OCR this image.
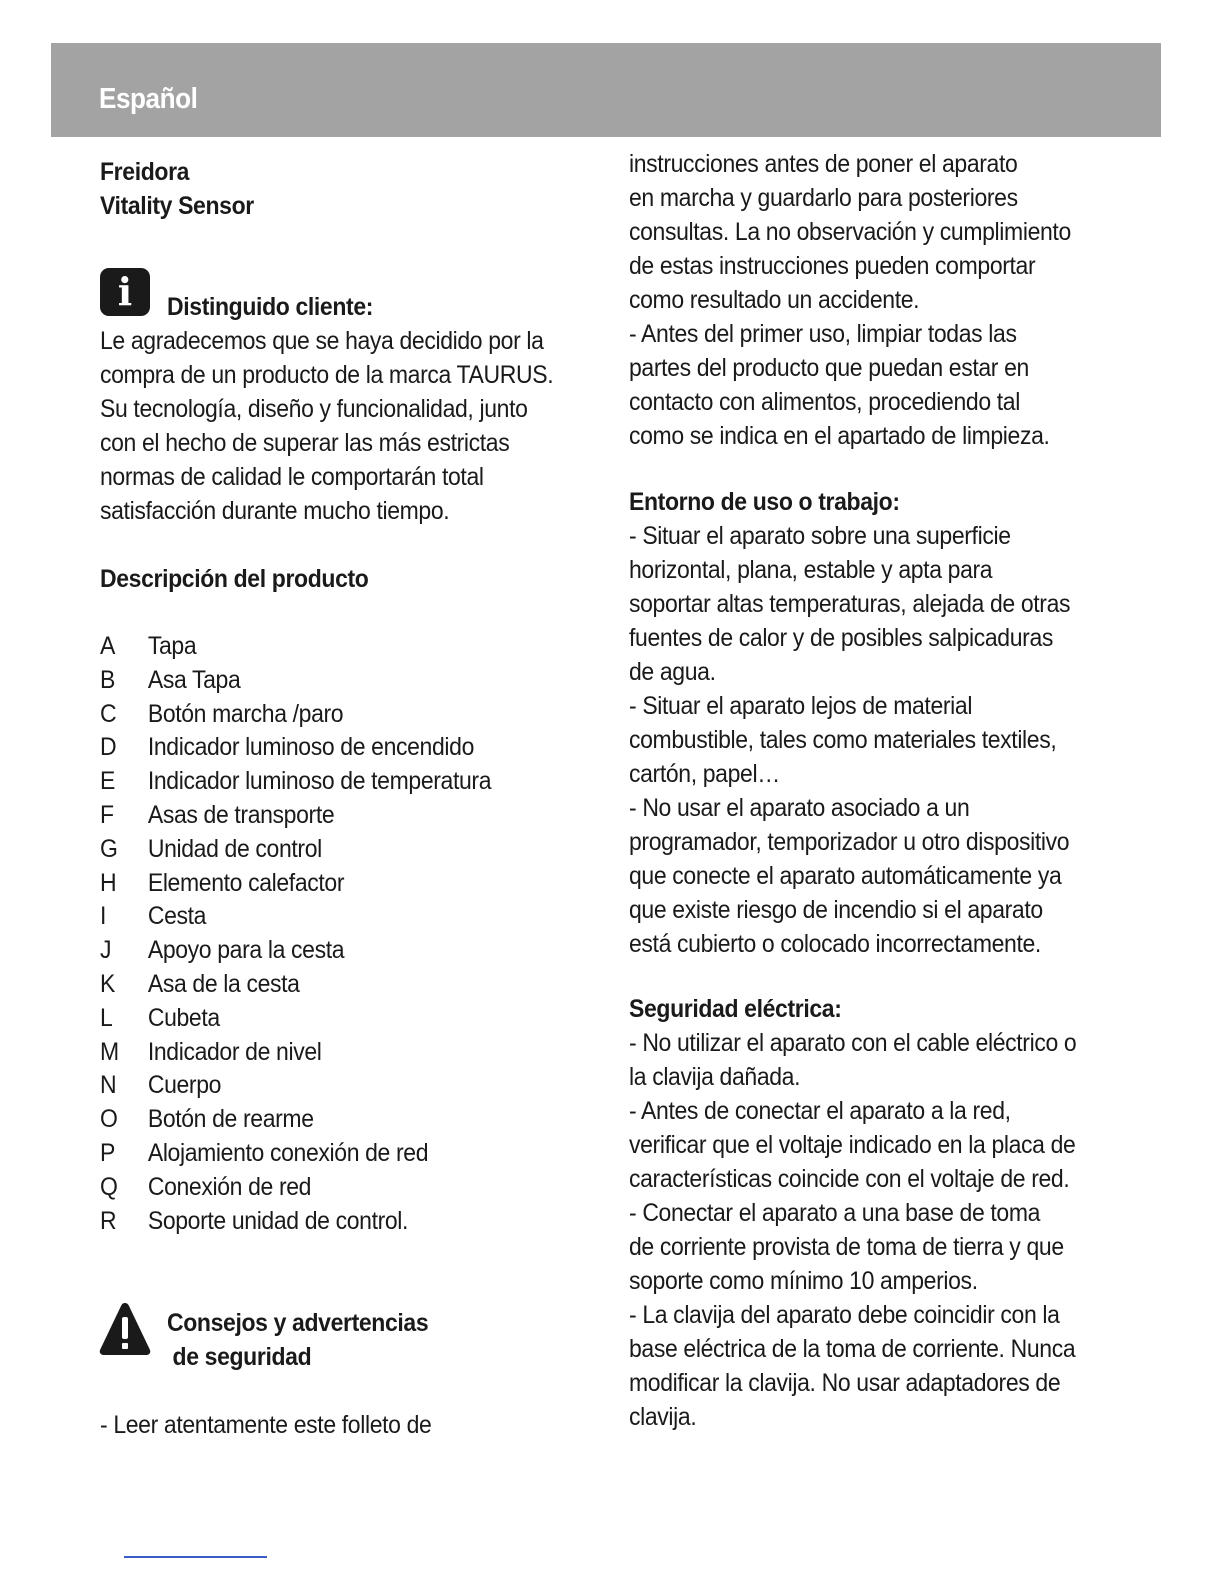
Español
Freidora
Vitality Sensor
i	Distinguido cliente:
Le agradecemos que se haya decidido por la
compra de un producto de la marca TAURUS.
Su tecnología, diseño y funcionalidad, junto
con el hecho de superar las más estrictas
normas de calidad le comportarán total
satisfacción durante mucho tiempo.
Descripción del producto
A Tapa
B Asa Tapa
C Botón marcha /paro
D Indicador luminoso de encendido
E Indicador luminoso de temperatura
F Asas de transporte
G Unidad de control
H Elemento calefactor
I Cesta
J Apoyo para la cesta
K Asa de la cesta
L Cubeta
M Indicador de nivel
N Cuerpo
O Botón de rearme
P Alojamiento conexión de red
Q Conexión de red
R Soporte unidad de control.
Consejos y advertencias
de seguridad
- Leer atentamente este folleto de
instrucciones antes de poner el aparato
en marcha y guardarlo para posteriores
consultas. La no observación y cumplimiento
de estas instrucciones pueden comportar
como resultado un accidente.
- Antes del primer uso, limpiar todas las
partes del producto que puedan estar en
contacto con alimentos, procediendo tal
como se indica en el apartado de limpieza.
Entorno de uso o trabajo:
- Situar el aparato sobre una superficie
horizontal, plana, estable y apta para
soportar altas temperaturas, alejada de otras
fuentes de calor y de posibles salpicaduras
de agua.
- Situar el aparato lejos de material
combustible, tales como materiales textiles,
cartón, papel…
- No usar el aparato asociado a un
programador, temporizador u otro dispositivo
que conecte el aparato automáticamente ya
que existe riesgo de incendio si el aparato
está cubierto o colocado incorrectamente.
Seguridad eléctrica:
- No utilizar el aparato con el cable eléctrico o
la clavija dañada.
- Antes de conectar el aparato a la red,
verificar que el voltaje indicado en la placa de
características coincide con el voltaje de red.
- Conectar el aparato a una base de toma
de corriente provista de toma de tierra y que
soporte como mínimo 10 amperios.
- La clavija del aparato debe coincidir con la
base eléctrica de la toma de corriente. Nunca
modificar la clavija. No usar adaptadores de
clavija.
